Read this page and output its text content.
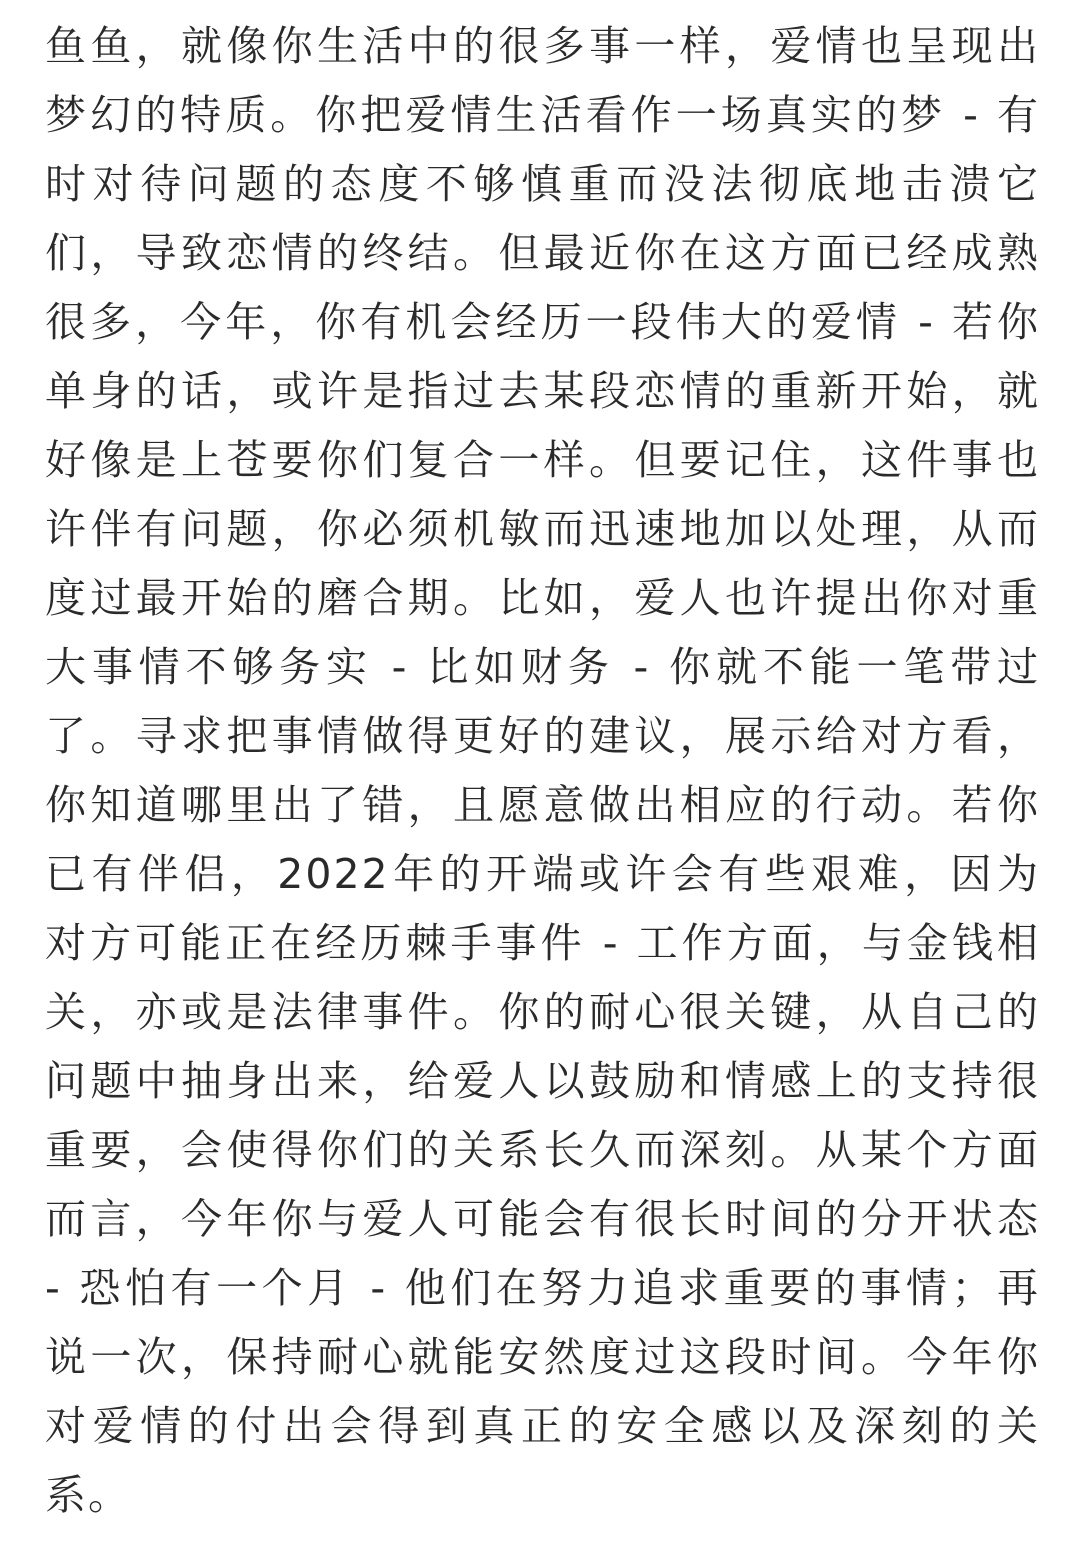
鱼鱼，就像你生活中的很多事一样，爱情也呈现出
梦幻的特质。你把爱情生活看作一场真实的梦 - 有
时对待问题的态度不够慎重而没法彻底地击溃它
们，导致恋情的终结。但最近你在这方面已经成熟
很多，今年，你有机会经历一段伟大的爱情 - 若你
单身的话，或许是指过去某段恋情的重新开始，就
好像是上苍要你们复合一样。但要记住，这件事也
许伴有问题，你必须机敏而迅速地加以处理，从而
度过最开始的磨合期。比如，爱人也许提出你对重
大事情不够务实 - 比如财务 - 你就不能一笔带过
了。寻求把事情做得更好的建议，展示给对方看，
你知道哪里出了错，且愿意做出相应的行动。若你
已有伴侣，2022年的开端或许会有些艰难，因为
对方可能正在经历棘手事件 - 工作方面，与金钱相
关，亦或是法律事件。你的耐心很关键，从自己的
问题中抽身出来，给爱人以鼓励和情感上的支持很
重要，会使得你们的关系长久而深刻。从某个方面
而言，今年你与爱人可能会有很长时间的分开状态
- 恐怕有一个月 - 他们在努力追求重要的事情；再
说一次，保持耐心就能安然度过这段时间。今年你
对爱情的付出会得到真正的安全感以及深刻的关
系。
